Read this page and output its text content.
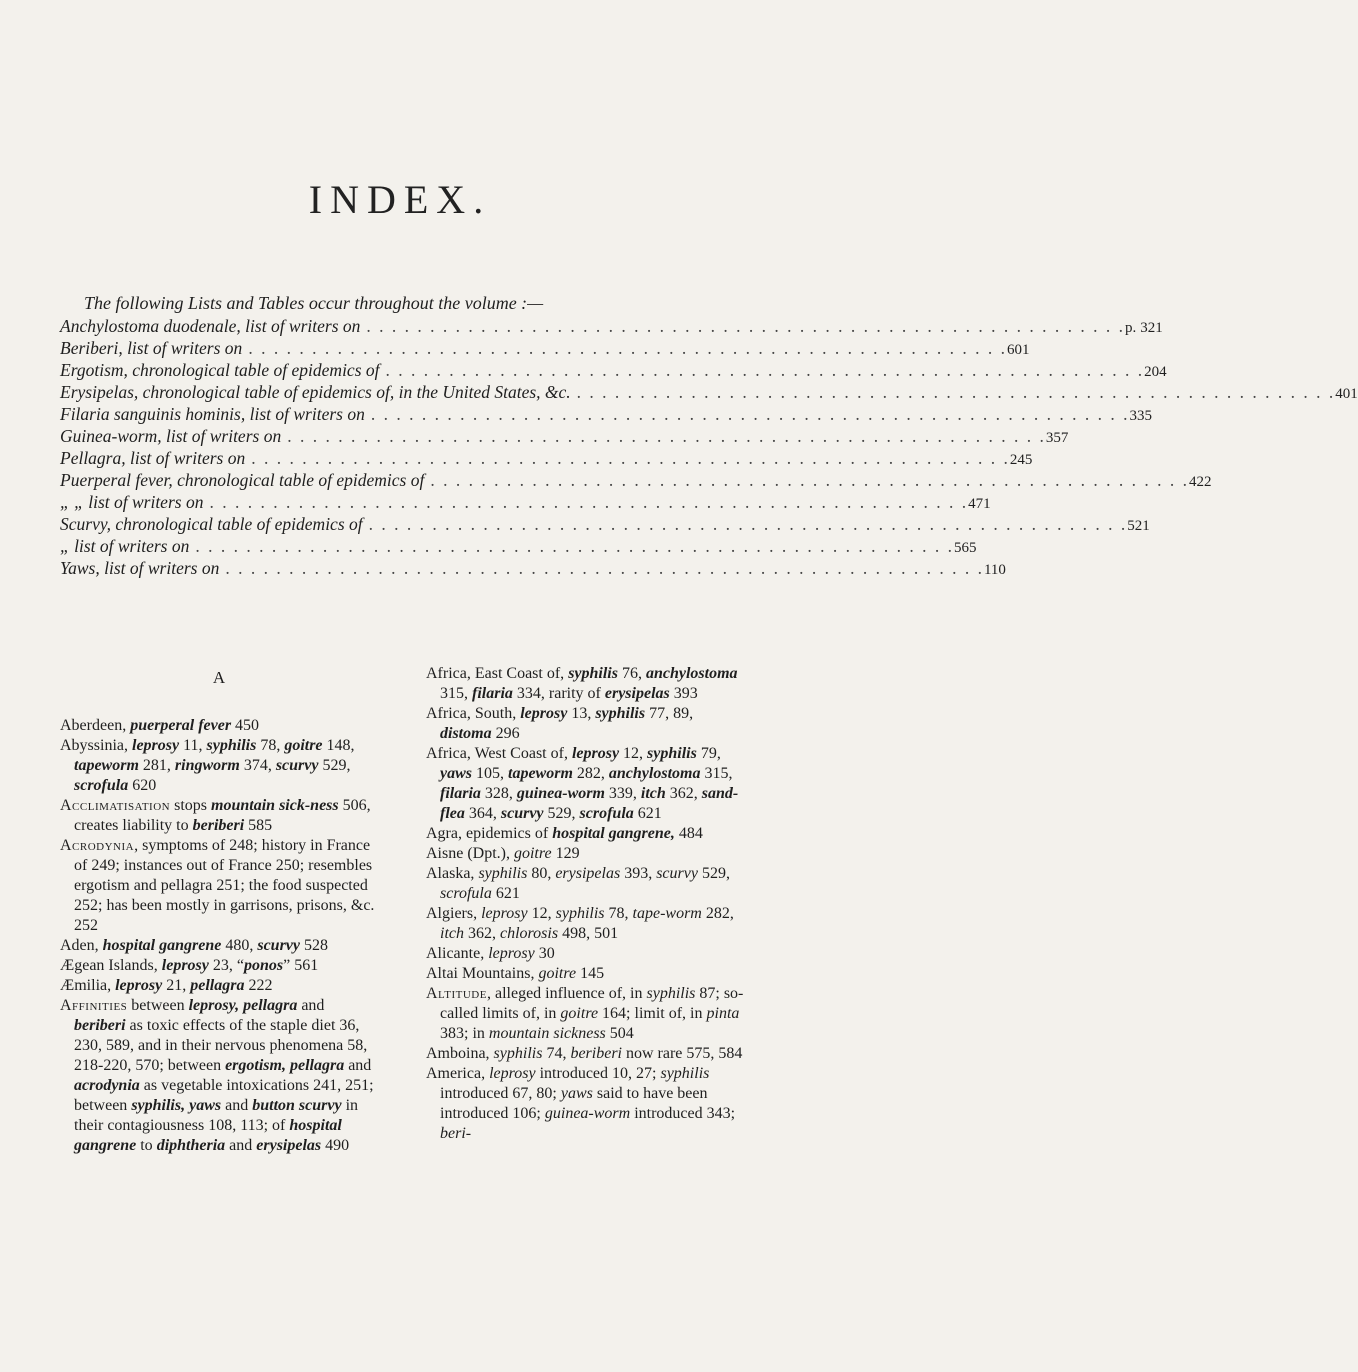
INDEX.
The following Lists and Tables occur throughout the volume :—
Anchylostoma duodenale, list of writers on . . . . . . . . . . . . . . . . . . . . . . . . . . . . . . . . . . . . . . . . . . . . . . . . . . . . . . . . . . . . p. 321
Beriberi, list of writers on . . . . . . . . . . . . . . . . . . . . . . . . . . . . . . . . . . . . . . . . . . . . . . . . . . . . . . . . . . . . 601
Ergotism, chronological table of epidemics of . . . . . . . . . . . . . . . . . . . . . . . . . . . . . . . . . . . . . . . . . . . . . . . . . . . . . . . . . . . . 204
Erysipelas, chronological table of epidemics of, in the United States, &c. . . . . . . . . . . . . . . . . . . . . . . . . . . . . . . . . . . . . . . . . . . . . . . . . . . . . . . . . . . . . 401
Filaria sanguinis hominis, list of writers on . . . . . . . . . . . . . . . . . . . . . . . . . . . . . . . . . . . . . . . . . . . . . . . . . . . . . . . . . . . . 335
Guinea-worm, list of writers on . . . . . . . . . . . . . . . . . . . . . . . . . . . . . . . . . . . . . . . . . . . . . . . . . . . . . . . . . . . . 357
Pellagra, list of writers on . . . . . . . . . . . . . . . . . . . . . . . . . . . . . . . . . . . . . . . . . . . . . . . . . . . . . . . . . . . . 245
Puerperal fever, chronological table of epidemics of . . . . . . . . . . . . . . . . . . . . . . . . . . . . . . . . . . . . . . . . . . . . . . . . . . . . . . . . . . . . 422
„ „ list of writers on . . . . . . . . . . . . . . . . . . . . . . . . . . . . . . . . . . . . . . . . . . . . . . . . . . . . . . . . . . . . 471
Scurvy, chronological table of epidemics of . . . . . . . . . . . . . . . . . . . . . . . . . . . . . . . . . . . . . . . . . . . . . . . . . . . . . . . . . . . . 521
„ list of writers on . . . . . . . . . . . . . . . . . . . . . . . . . . . . . . . . . . . . . . . . . . . . . . . . . . . . . . . . . . . . 565
Yaws, list of writers on . . . . . . . . . . . . . . . . . . . . . . . . . . . . . . . . . . . . . . . . . . . . . . . . . . . . . . . . . . . . 110
A

Aberdeen, puerperal fever 450

Abyssinia, leprosy 11, syphilis 78, goitre 148, tapeworm 281, ringworm 374, scurvy 529, scrofula 620

Acclimatisation stops mountain sick-ness 506, creates liability to beriberi 585

Acrodynia, symptoms of 248; history in France of 249; instances out of France 250; resembles ergotism and pellagra 251; the food suspected 252; has been mostly in garrisons, prisons, &c. 252

Aden, hospital gangrene 480, scurvy 528

Ægean Islands, leprosy 23, “ponos” 561

Æmilia, leprosy 21, pellagra 222

Affinities between leprosy, pellagra and beriberi as toxic effects of the staple diet 36, 230, 589, and in their nervous phenomena 58, 218-220, 570; between ergotism, pellagra and acrodynia as vegetable intoxications 241, 251; between syphilis, yaws and button scurvy in their contagiousness 108, 113; of hospital gangrene to diphtheria and erysipelas 490

Africa, East Coast of, syphilis 76, anchylostoma 315, filaria 334, rarity of erysipelas 393

Africa, South, leprosy 13, syphilis 77, 89, distoma 296

Africa, West Coast of, leprosy 12, syphilis 79, yaws 105, tapeworm 282, anchylostoma 315, filaria 328, guinea-worm 339, itch 362, sand-flea 364, scurvy 529, scrofula 621

Agra, epidemics of hospital gangrene, 484

Aisne (Dpt.), goitre 129

Alaska, syphilis 80, erysipelas 393, scurvy 529, scrofula 621

Algiers, leprosy 12, syphilis 78, tape-worm 282, itch 362, chlorosis 498, 501

Alicante, leprosy 30

Altai Mountains, goitre 145

Altitude, alleged influence of, in syphilis 87; so-called limits of, in goitre 164; limit of, in pinta 383; in mountain sickness 504

Amboina, syphilis 74, beriberi now rare 575, 584

America, leprosy introduced 10, 27; syphilis introduced 67, 80; yaws said to have been introduced 106; guinea-worm introduced 343; beri-
